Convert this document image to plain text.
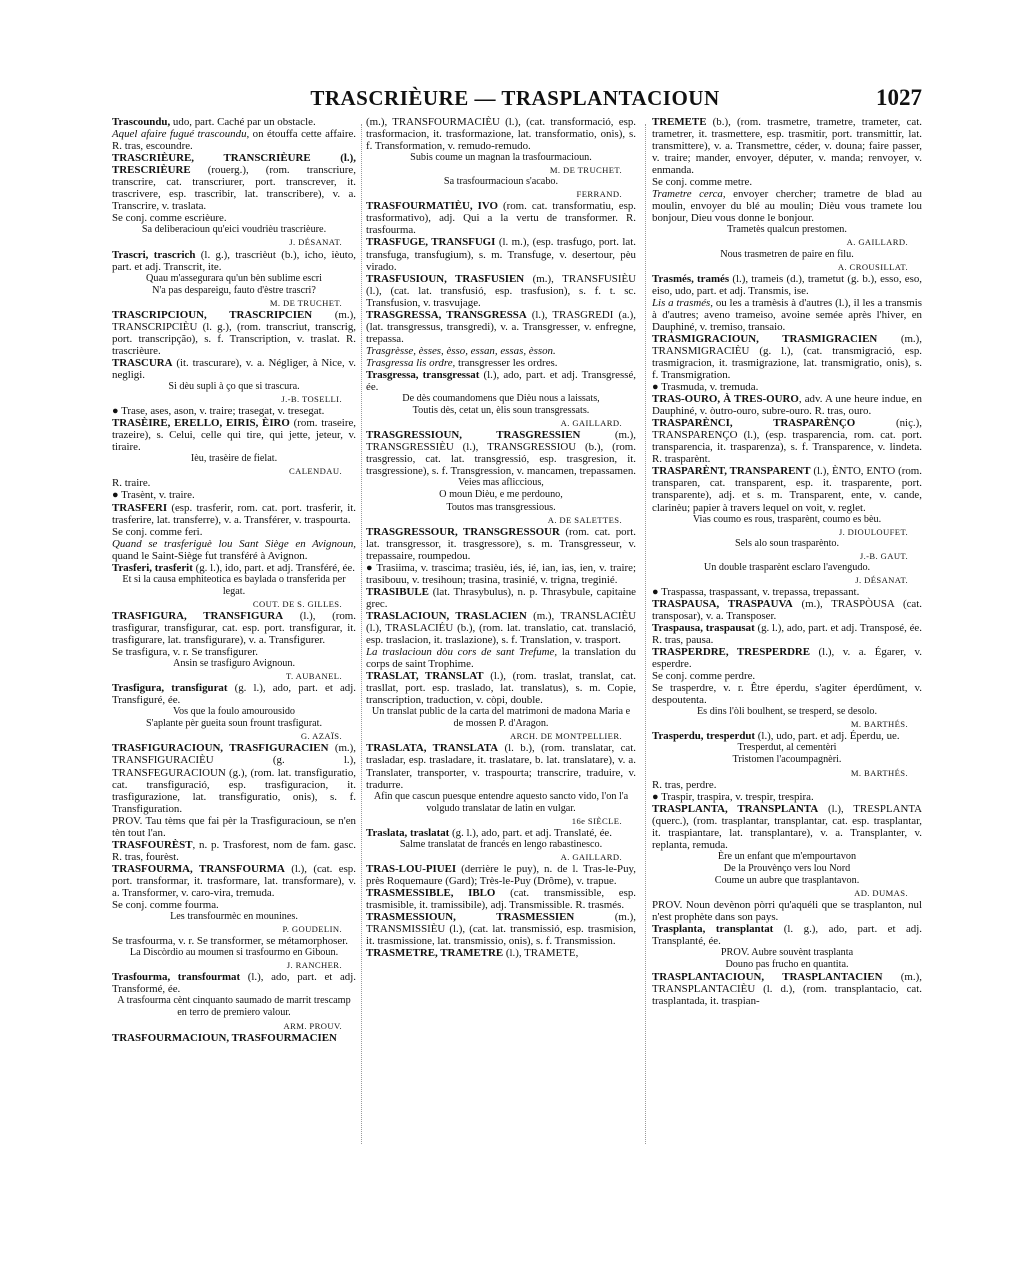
TRASCRIÈURE — TRASPLANTACIOUN	1027

Trascoundu, udo, part. Caché par un obstacle.

Aquel afaire fugué trascoundu, on étouffa cette affaire. R. tras, escoundre.

TRASCRIÈURE, TRANSCRIÈURE (l.), TRESCRIÈURE (rouerg.), (rom. transcriure, transcrire, cat. transcriurer, port. transcrever, it. trascrivere, esp. trascribir, lat. transcribere), v. a. Transcrire, v. traslata.

Se conj. comme escrièure.

Sa deliberacioun qu'eici voudrièu trascrièure.

J. DÉSANAT.

Trascri, trascrich (l. g.), trascrièut (b.), icho, ièuto, part. et adj. Transcrit, ite.

Quau m'assegurara qu'un bèn sublime escri

N'a pas despareigu, fauto d'èstre trascri?

M. DE TRUCHET.

TRASCRIPCIOUN, TRASCRIPCIEN (m.), TRANSCRIPCIÈU (l. g.), (rom. transcriut, transcrig, port. transcripção), s. f. Transcription, v. traslat. R. trascrièure.

TRASCURA (it. trascurare), v. a. Négliger, à Nice, v. negligi.

Si dèu supli à ço que si trascura.

J.-B. TOSELLI.

● Trase, ases, ason, v. traire; trasegat, v. tresegat.

TRASÈIRE, ERELLO, EIRIS, ÈIRO (rom. traseire, trazeire), s. Celui, celle qui tire, qui jette, jeteur, v. tiraire.

Ièu, trasèire de fielat.

CALENDAU.

R. traire.

● Trasènt, v. traire.

TRASFERI (esp. trasferir, rom. cat. port. trasferir, it. trasferire, lat. transferre), v. a. Transférer, v. traspourta.

Se conj. comme feri.

Quand se trasferiguè lou Sant Siège en Avignoun, quand le Saint-Siège fut transféré à Avignon.

Trasferi, trasferit (g. l.), ido, part. et adj. Transféré, ée.

Et si la causa emphiteotica es baylada o transferida per legat.

COUT. DE S. GILLES.

TRASFIGURA, TRANSFIGURA (l.), (rom. trasfigurar, transfigurar, cat. esp. port. transfigurar, it. trasfigurare, lat. transfigurare), v. a. Transfigurer.

Se trasfigura, v. r. Se transfigurer.

Ansin se trasfiguro Avignoun.

T. AUBANEL.

Trasfigura, transfigurat (g. l.), ado, part. et adj. Transfiguré, ée.

Vos que la foulo amourousido

S'aplante pèr gueita soun frount trasfigurat.

G. AZAÏS.

TRASFIGURACIOUN, TRASFIGURACIEN (m.), TRANSFIGURACIÈU (g. l.), TRANSFEGURACIOUN (g.), (rom. lat. transfiguratio, cat. transfiguració, esp. trasfiguracion, it. trasfigurazione, lat. transfiguratio, onis), s. f. Transfiguration.

PROV. Tau tèms que fai pèr la Trasfiguracioun, se n'en tèn tout l'an.

TRASFOURÈST, n. p. Trasforest, nom de fam. gasc. R. tras, fourèst.

TRASFOURMA, TRANSFOURMA (l.), (cat. esp. port. transformar, it. trasformare, lat. transformare), v. a. Transformer, v. caro-vira, tremuda.

Se conj. comme fourma.

Les transfourmèc en mounines.

P. GOUDELIN.

Se trasfourma, v. r. Se transformer, se métamorphoser.

La Discòrdio au moumen si trasfourmo en Giboun.

J. RANCHER.

Trasfourma, transfourmat (l.), ado, part. et adj. Transformé, ée.

A trasfourma cènt cinquanto saumado de marrit trescamp en terro de premiero valour.

ARM. PROUV.

TRASFOURMACIOUN, TRASFOURMACIEN

(m.), TRANSFOURMACIÈU (l.), (cat. transformació, esp. trasformacion, it. trasformazione, lat. transformatio, onis), s. f. Transformation, v. remudo-remudo.

Subis coume un magnan la trasfourmacioun.

M. DE TRUCHET.

Sa trasfourmacioun s'acabo.

FERRAND.

TRASFOURMATIÈU, IVO (rom. cat. transformatiu, esp. trasformativo), adj. Qui a la vertu de transformer. R. trasfourma.

TRASFUGE, TRANSFUGI (l. m.), (esp. trasfugo, port. lat. transfuga, transfugium), s. m. Transfuge, v. desertour, pèu virado.

TRASFUSIOUN, TRASFUSIEN (m.), TRANSFUSIÈU (l.), (cat. lat. transfusió, esp. trasfusion), s. f. t. sc. Transfusion, v. trasvujage.

TRASGRESSA, TRANSGRESSA (l.), TRASGREDI (a.), (lat. transgressus, transgredi), v. a. Transgresser, v. enfregne, trepassa.

Trasgrèsse, èsses, èsso, essan, essas, èsson.

Trasgressa lis ordre, transgresser les ordres.

Trasgressa, transgressat (l.), ado, part. et adj. Transgressé, ée.

De dès coumandomens que Dièu nous a laissats,

Toutis dès, cetat un, èlis soun transgressats.

A. GAILLARD.

TRASGRESSIOUN, TRASGRESSIEN (m.), TRANSGRESSIÈU (l.), TRANSGRESSIOU (b.), (rom. trasgressio, cat. lat. transgressió, esp. trasgresion, it. trasgressione), s. f. Transgression, v. mancamen, trepassamen.

Veies mas afliccious,

O moun Dièu, e me perdouno,

Toutos mas transgressious.

A. DE SALETTES.

TRASGRESSOUR, TRANSGRESSOUR (rom. cat. port. lat. transgressor, it. trasgressore), s. m. Transgresseur, v. trepassaire, roumpedou.

● Trasiima, v. trascima; trasièu, iés, ié, ian, ias, ien, v. traire; trasibouu, v. tresihoun; trasina, trasinié, v. trigna, treginié.

TRASIBULE (lat. Thrasybulus), n. p. Thrasybule, capitaine grec.

TRASLACIOUN, TRASLACIEN (m.), TRANSLACIÈU (l.), TRASLACIÉU (b.), (rom. lat. translatio, cat. translació, esp. traslacion, it. traslazione), s. f. Translation, v. trasport.

La traslacioun dòu cors de sant Trefume, la translation du corps de saint Trophime.

TRASLAT, TRANSLAT (l.), (rom. traslat, translat, cat. trasllat, port. esp. traslado, lat. translatus), s. m. Copie, transcription, traduction, v. còpi, double.

Un translat public de la carta del matrimoni de madona Maria e de mossen P. d'Aragon.

ARCH. DE MONTPELLIER.

TRASLATA, TRANSLATA (l. b.), (rom. translatar, cat. trasladar, esp. trasladare, it. traslatare, b. lat. translatare), v. a. Translater, transporter, v. traspourta; transcrire, traduire, v. tradurre.

Afin que cascun puesque entendre aquesto sancto vido, l'on l'a volgudo translatar de latin en vulgar.

16e SIÈCLE.

Traslata, traslatat (g. l.), ado, part. et adj. Translaté, ée.

Salme translatat de francés en lengo rabastinesco.

A. GAILLARD.

TRAS-LOU-PIUEI (derrière le puy), n. de l. Tras-le-Puy, près Roquemaure (Gard); Très-le-Puy (Drôme), v. trapue.

TRASMESSIBLE, IBLO (cat. transmissible, esp. trasmisible, it. tramissibile), adj. Transmissible. R. trasmés.

TRASMESSIOUN, TRASMESSIEN (m.), TRANSMISSIÈU (l.), (cat. lat. transmissió, esp. trasmision, it. trasmissione, lat. transmissio, onis), s. f. Transmission.

TRASMETRE, TRAMETRE (l.), TRAMETE,

TREMETE (b.), (rom. trasmetre, trametre, trameter, cat. trametrer, it. trasmettere, esp. trasmitir, port. transmittir, lat. transmittere), v. a. Transmettre, céder, v. douna; faire passer, v. traire; mander, envoyer, députer, v. manda; renvoyer, v. enmanda.

Se conj. comme metre.

Trametre cerca, envoyer chercher; trametre de blad au moulin, envoyer du blé au moulin; Dièu vous tramete lou bonjour, Dieu vous donne le bonjour.

Trametès qualcun prestomen.

A. GAILLARD.

Nous trasmetren de paire en filu.

A. CROUSILLAT.

Trasmés, tramés (l.), trameis (d.), trametut (g. b.), esso, eso, eiso, udo, part. et adj. Transmis, ise.

Lis a trasmés, ou les a tramèsis à d'autres (l.), il les a transmis à d'autres; aveno trameiso, avoine semée après l'hiver, en Dauphiné, v. tremiso, transaio.

TRASMIGRACIOUN, TRASMIGRACIEN (m.), TRANSMIGRACIÈU (g. l.), (cat. transmigració, esp. trasmigracion, it. trasmigrazione, lat. transmigratio, onis), s. f. Transmigration.

● Trasmuda, v. tremuda.

TRAS-OURO, À TRES-OURO, adv. A une heure indue, en Dauphiné, v. òutro-ouro, subre-ouro. R. tras, ouro.

TRASPARÈNCI, TRASPARÈNÇO (niç.), TRANSPARENÇO (l.), (esp. trasparencia, rom. cat. port. transparencia, it. trasparenza), s. f. Transparence, v. lindeta. R. trasparènt.

TRASPARÈNT, TRANSPARENT (l.), ÈNTO, ENTO (rom. transparen, cat. transparent, esp. it. trasparente, port. transparente), adj. et s. m. Transparent, ente, v. cande, clarinèu; papier à travers lequel on voit, v. reglet.

Vias coumo es rous, trasparènt, coumo es bèu.

J. DIOULOUFET.

Sels alo soun trasparènto.

J.-B. GAUT.

Un double trasparènt esclaro l'avengudo.

J. DÉSANAT.

● Traspassa, traspassant, v. trepassa, trepassant.

TRASPAUSA, TRASPAUVA (m.), TRASPÒUSA (cat. transposar), v. a. Transposer.

Traspausa, traspausat (g. l.), ado, part. et adj. Transposé, ée. R. tras, pausa.

TRASPERDRE, TRESPERDRE (l.), v. a. Égarer, v. esperdre.

Se conj. comme perdre.

Se trasperdre, v. r. Être éperdu, s'agiter éperdûment, v. despoutenta.

Es dins l'òli boulhent, se tresperd, se desolo.

M. BARTHÉS.

Trasperdu, tresperdut (l.), udo, part. et adj. Éperdu, ue.

Tresperdut, al cementèri

Tristomen l'acoumpagnèri.

M. BARTHÉS.

R. tras, perdre.

● Traspir, traspira, v. trespir, trespira.

TRASPLANTA, TRANSPLANTA (l.), TRESPLANTA (querc.), (rom. trasplantar, transplantar, cat. esp. trasplantar, it. traspiantare, lat. transplantare), v. a. Transplanter, v. replanta, remuda.

Ère un enfant que m'empourtavon

De la Prouvènço vers lou Nord

Coume un aubre que trasplantavon.

AD. DUMAS.

PROV. Noun devènon pòrri qu'aquéli que se trasplanton, nul n'est prophète dans son pays.

Trasplanta, transplantat (l. g.), ado, part. et adj. Transplanté, ée.

PROV. Aubre souvènt trasplanta

Douno pas frucho en quantita.

TRASPLANTACIOUN, TRASPLANTACIEN (m.), TRANSPLANTACIÈU (l. d.), (rom. transplantacio, cat. trasplantada, it. traspian-
